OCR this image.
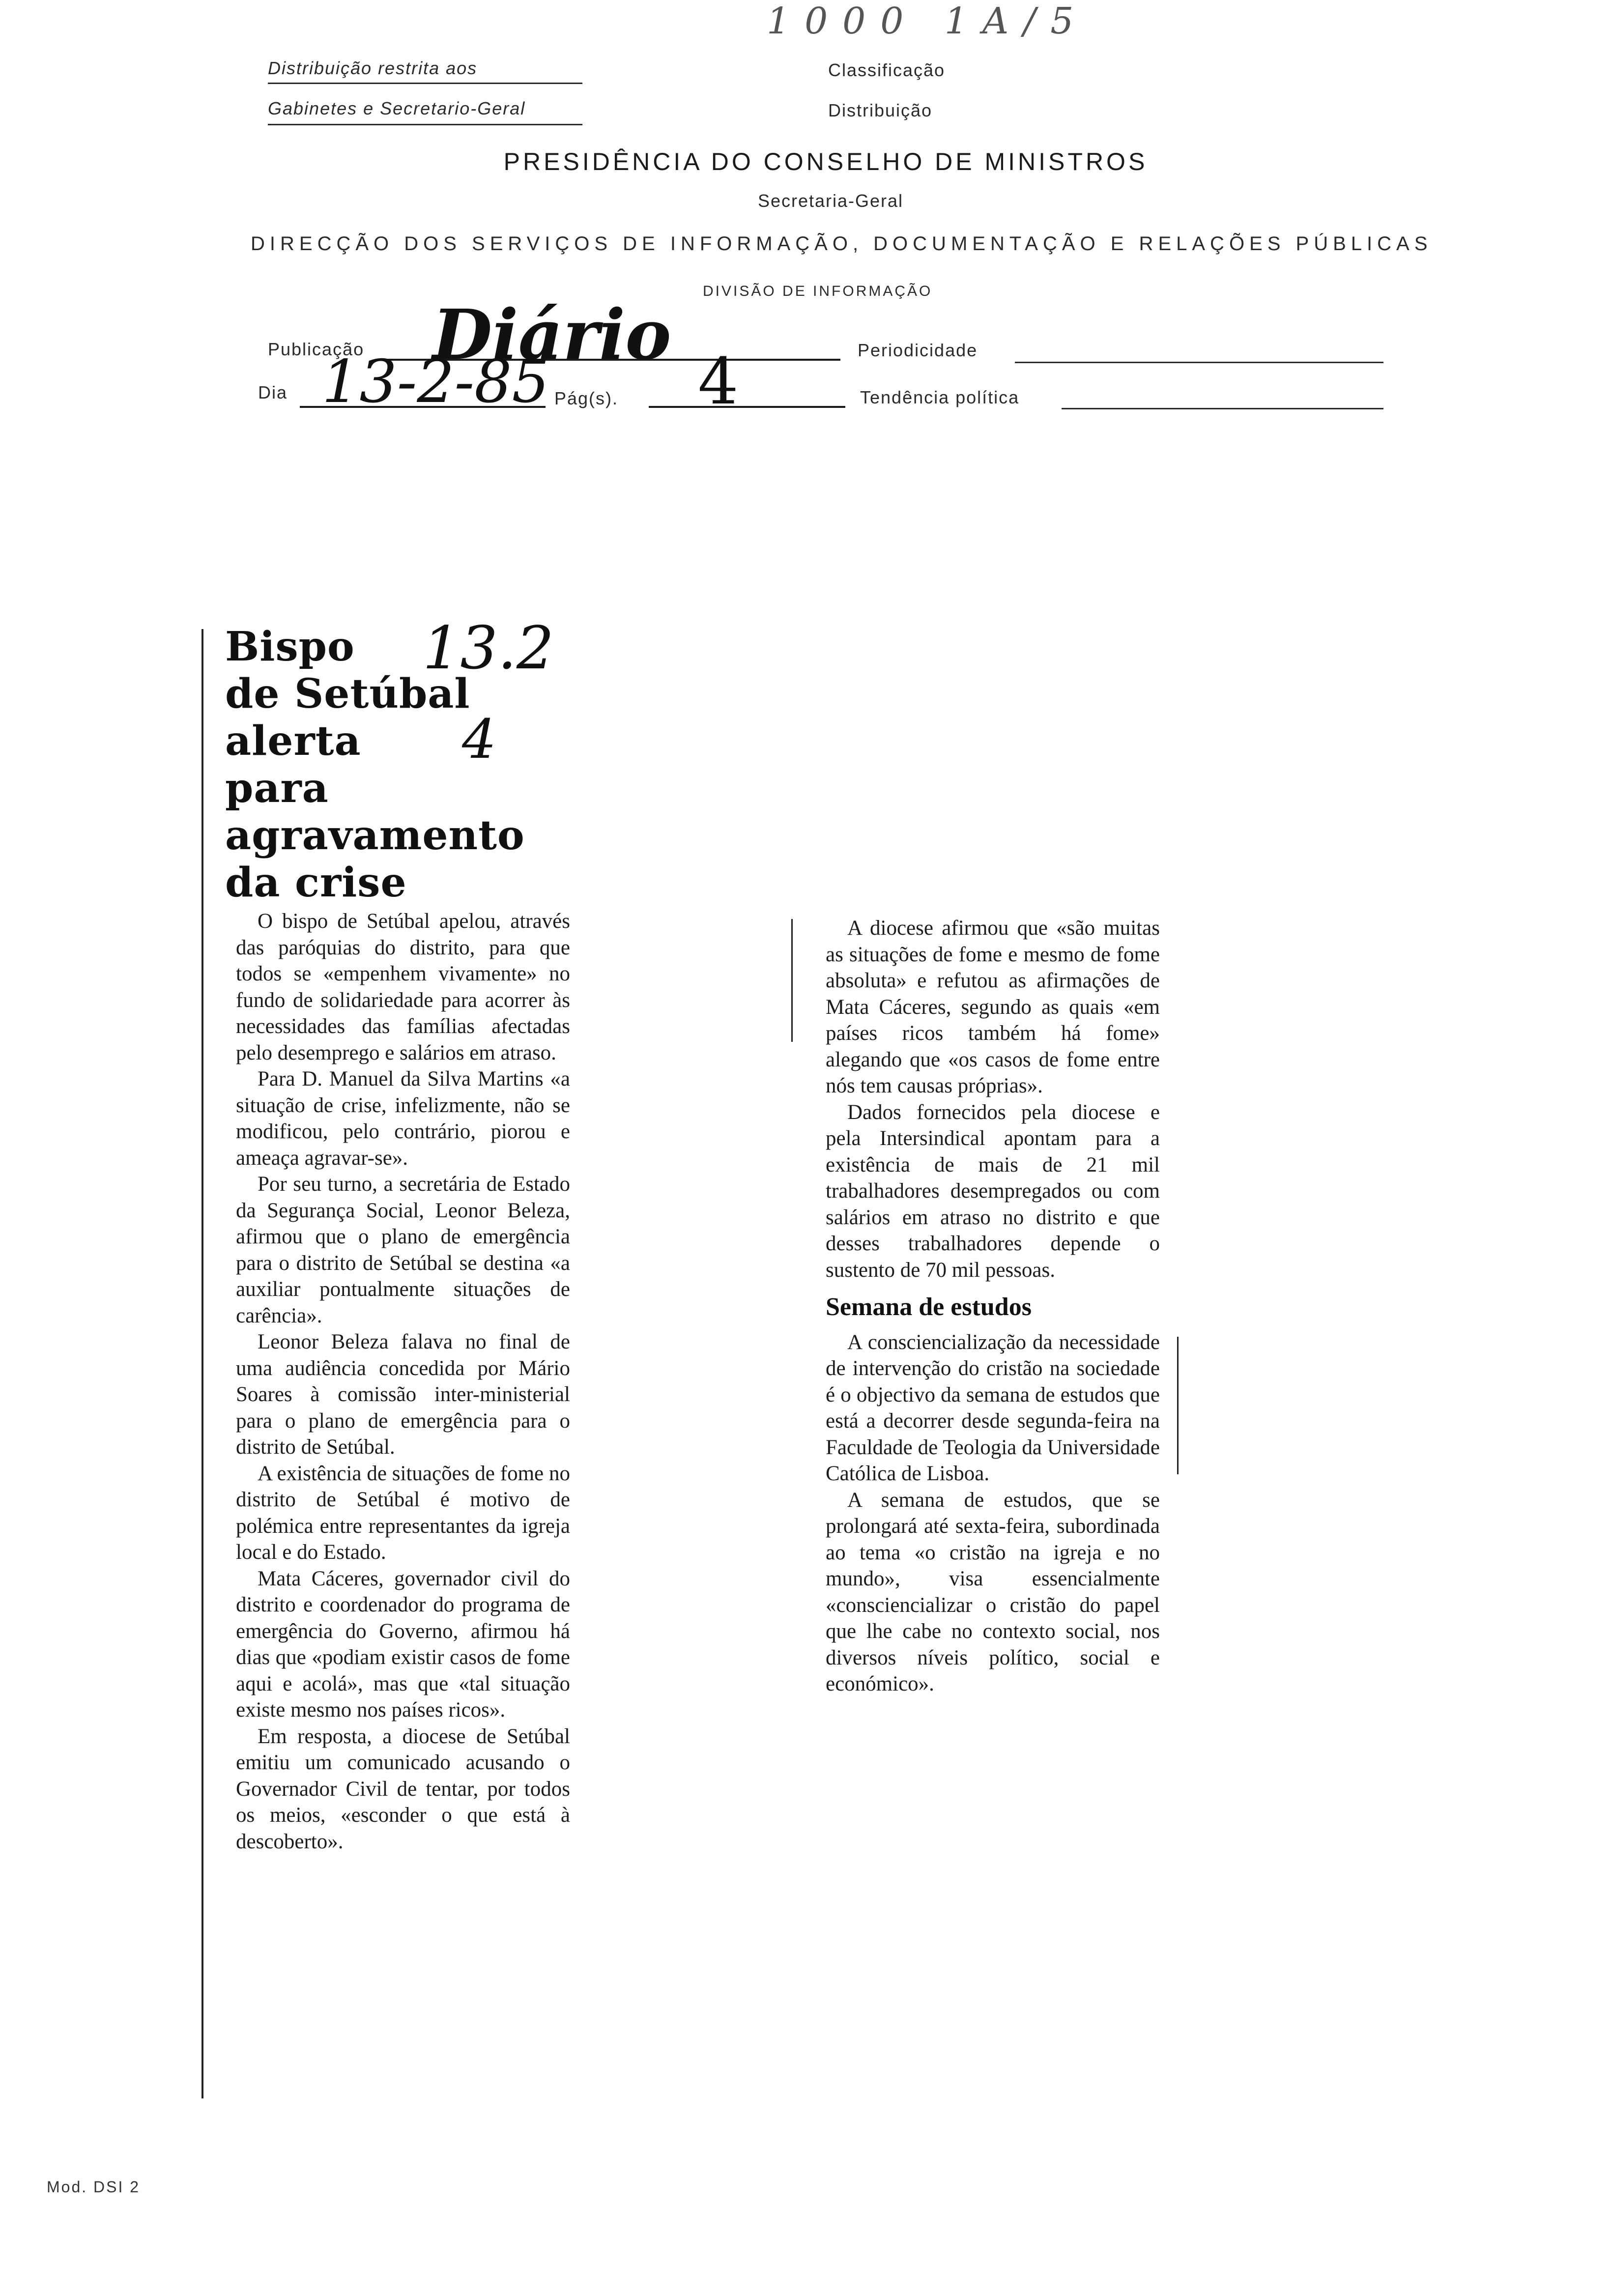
1000 1A/5
Distribuição restrita aos
Gabinetes e Secretario-Geral
Classificação
Distribuição
PRESIDÊNCIA DO CONSELHO DE MINISTROS
Secretaria-Geral
DIRECÇÃO DOS SERVIÇOS DE INFORMAÇÃO, DOCUMENTAÇÃO E RELAÇÕES PÚBLICAS
DIVISÃO DE INFORMAÇÃO
Publicação Diário	Periodicidade
Dia 13-2-85 Pág(s). 4	Tendência política
Bispo
de Setúbal
alerta
para
agravamento
da crise
13.2
4

O bispo de Setúbal apelou, através das paróquias do distrito, para que todos se «empenhem vivamente» no fundo de solidariedade para acorrer às necessidades das famílias afectadas pelo desemprego e salários em atraso.

Para D. Manuel da Silva Martins «a situação de crise, infelizmente, não se modificou, pelo contrário, piorou e ameaça agravar-se».

Por seu turno, a secretária de Estado da Segurança Social, Leonor Beleza, afirmou que o plano de emergência para o distrito de Setúbal se destina «a auxiliar pontualmente situações de carência».

Leonor Beleza falava no final de uma audiência concedida por Mário Soares à comissão inter-ministerial para o plano de emergência para o distrito de Setúbal.

A existência de situações de fome no distrito de Setúbal é motivo de polémica entre representantes da igreja local e do Estado.

Mata Cáceres, governador civil do distrito e coordenador do programa de emergência do Governo, afirmou há dias que «podiam existir casos de fome aqui e acolá», mas que «tal situação existe mesmo nos países ricos».

Em resposta, a diocese de Setúbal emitiu um comunicado acusando o Governador Civil de tentar, por todos os meios, «esconder o que está à descoberto».

A diocese afirmou que «são muitas as situações de fome e mesmo de fome absoluta» e refutou as afirmações de Mata Cáceres, segundo as quais «em países ricos também há fome» alegando que «os casos de fome entre nós tem causas próprias».

Dados fornecidos pela diocese e pela Intersindical apontam para a existência de mais de 21 mil trabalhadores desempregados ou com salários em atraso no distrito e que desses trabalhadores depende o sustento de 70 mil pessoas.

Semana de estudos

A consciencialização da necessidade de intervenção do cristão na sociedade é o objectivo da semana de estudos que está a decorrer desde segunda-feira na Faculdade de Teologia da Universidade Católica de Lisboa.

A semana de estudos, que se prolongará até sexta-feira, subordinada ao tema «o cristão na igreja e no mundo», visa essencialmente «consciencializar o cristão do papel que lhe cabe no contexto social, nos diversos níveis político, social e económico».

Mod. DSI 2
